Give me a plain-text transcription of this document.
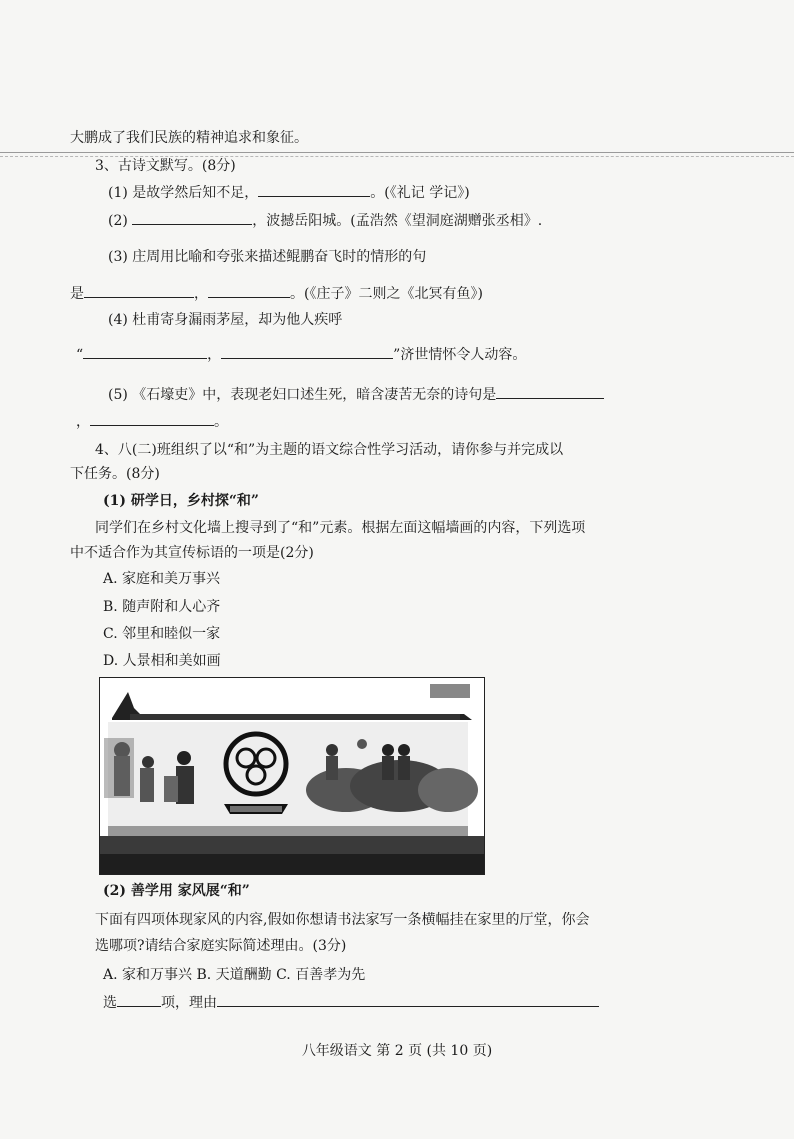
大鹏成了我们民族的精神追求和象征。
3、古诗文默写。(8分)
(1) 是故学然后知不足，	。(《礼记 学记》)
(2)	，波撼岳阳城。(孟浩然《望洞庭湖赠张丞相》.
(3) 庄周用比喻和夸张来描述鲲鹏奋飞时的情形的句
是	，	。(《庄子》二则之《北冥有鱼》)
(4) 杜甫寄身漏雨茅屋，却为他人疾呼
“	，	”济世情怀令人动容。
(5) 《石壕吏》中，表现老妇口述生死，暗含凄苦无奈的诗句是
，	。
4、八(二)班组织了以“和”为主题的语文综合性学习活动，请你参与并完成以
下任务。(8分)
(1) 研学日，乡村探“和”
同学们在乡村文化墙上搜寻到了“和”元素。根据左面这幅墙画的内容，下列选项
中不适合作为其宣传标语的一项是(2分)
A. 家庭和美万事兴
B. 随声附和人心齐
C. 邻里和睦似一家
D. 人景相和美如画
(2) 善学用 家风展“和”
下面有四项体现家风的内容,假如你想请书法家写一条横幅挂在家里的厅堂，你会
选哪项?请结合家庭实际简述理由。(3分)
A. 家和万事兴 B. 天道酬勤 C. 百善孝为先
选	项，理由
八年级语文 第 2 页 (共 10 页)
